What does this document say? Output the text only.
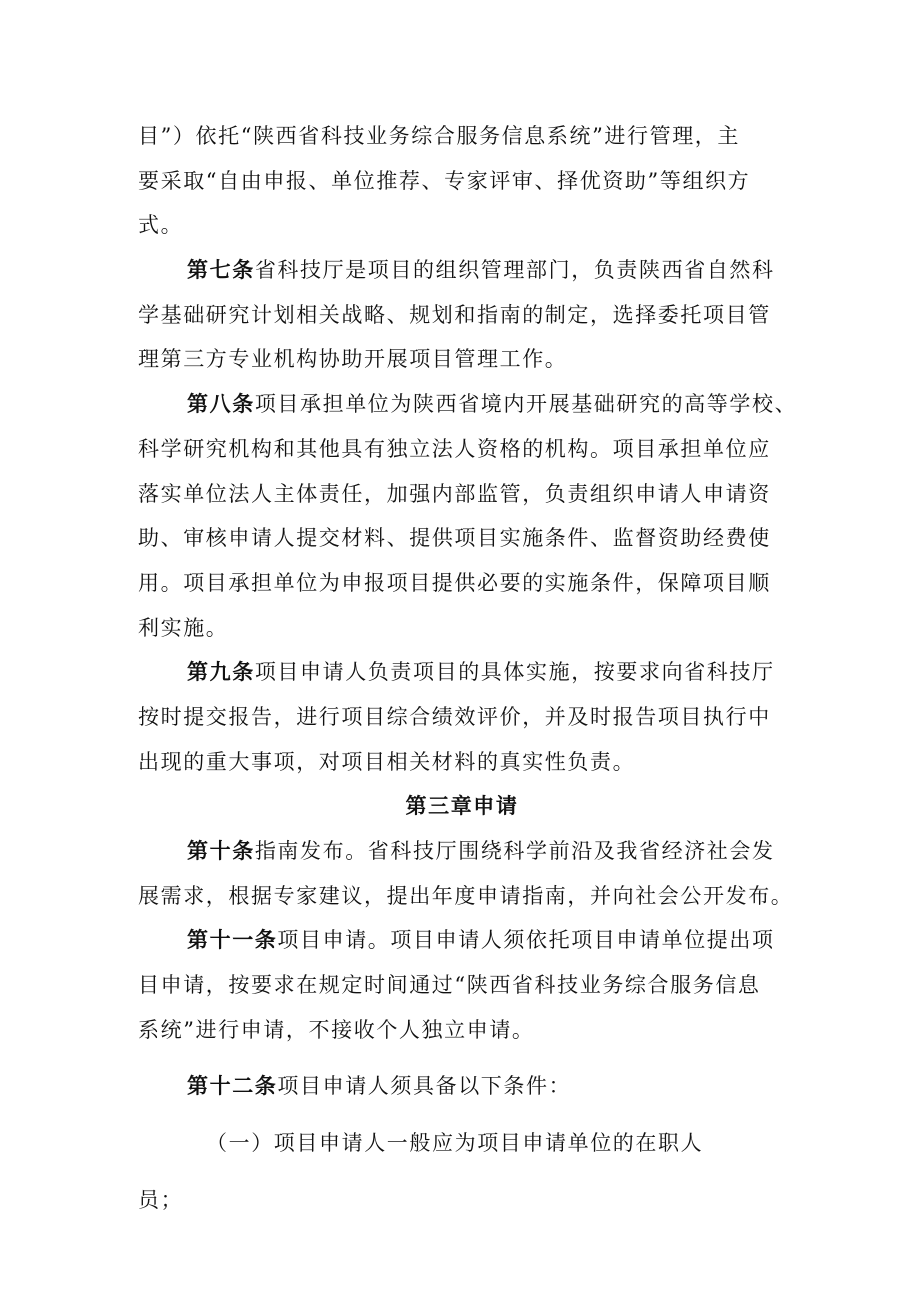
目”）依托“陕西省科技业务综合服务信息系统”进行管理，主
要采取“自由申报、单位推荐、专家评审、择优资助”等组织方
式。
第七条省科技厅是项目的组织管理部门，负责陕西省自然科
学基础研究计划相关战略、规划和指南的制定，选择委托项目管
理第三方专业机构协助开展项目管理工作。
第八条项目承担单位为陕西省境内开展基础研究的高等学校、
科学研究机构和其他具有独立法人资格的机构。项目承担单位应
落实单位法人主体责任，加强内部监管，负责组织申请人申请资
助、审核申请人提交材料、提供项目实施条件、监督资助经费使
用。项目承担单位为申报项目提供必要的实施条件，保障项目顺
利实施。
第九条项目申请人负责项目的具体实施，按要求向省科技厅
按时提交报告，进行项目综合绩效评价，并及时报告项目执行中
出现的重大事项，对项目相关材料的真实性负责。
第三章申请
第十条指南发布。省科技厅围绕科学前沿及我省经济社会发
展需求，根据专家建议，提出年度申请指南，并向社会公开发布。
第十一条项目申请。项目申请人须依托项目申请单位提出项
目申请，按要求在规定时间通过“陕西省科技业务综合服务信息
系统”进行申请，不接收个人独立申请。
第十二条项目申请人须具备以下条件：
（一）项目申请人一般应为项目申请单位的在职人
员；
